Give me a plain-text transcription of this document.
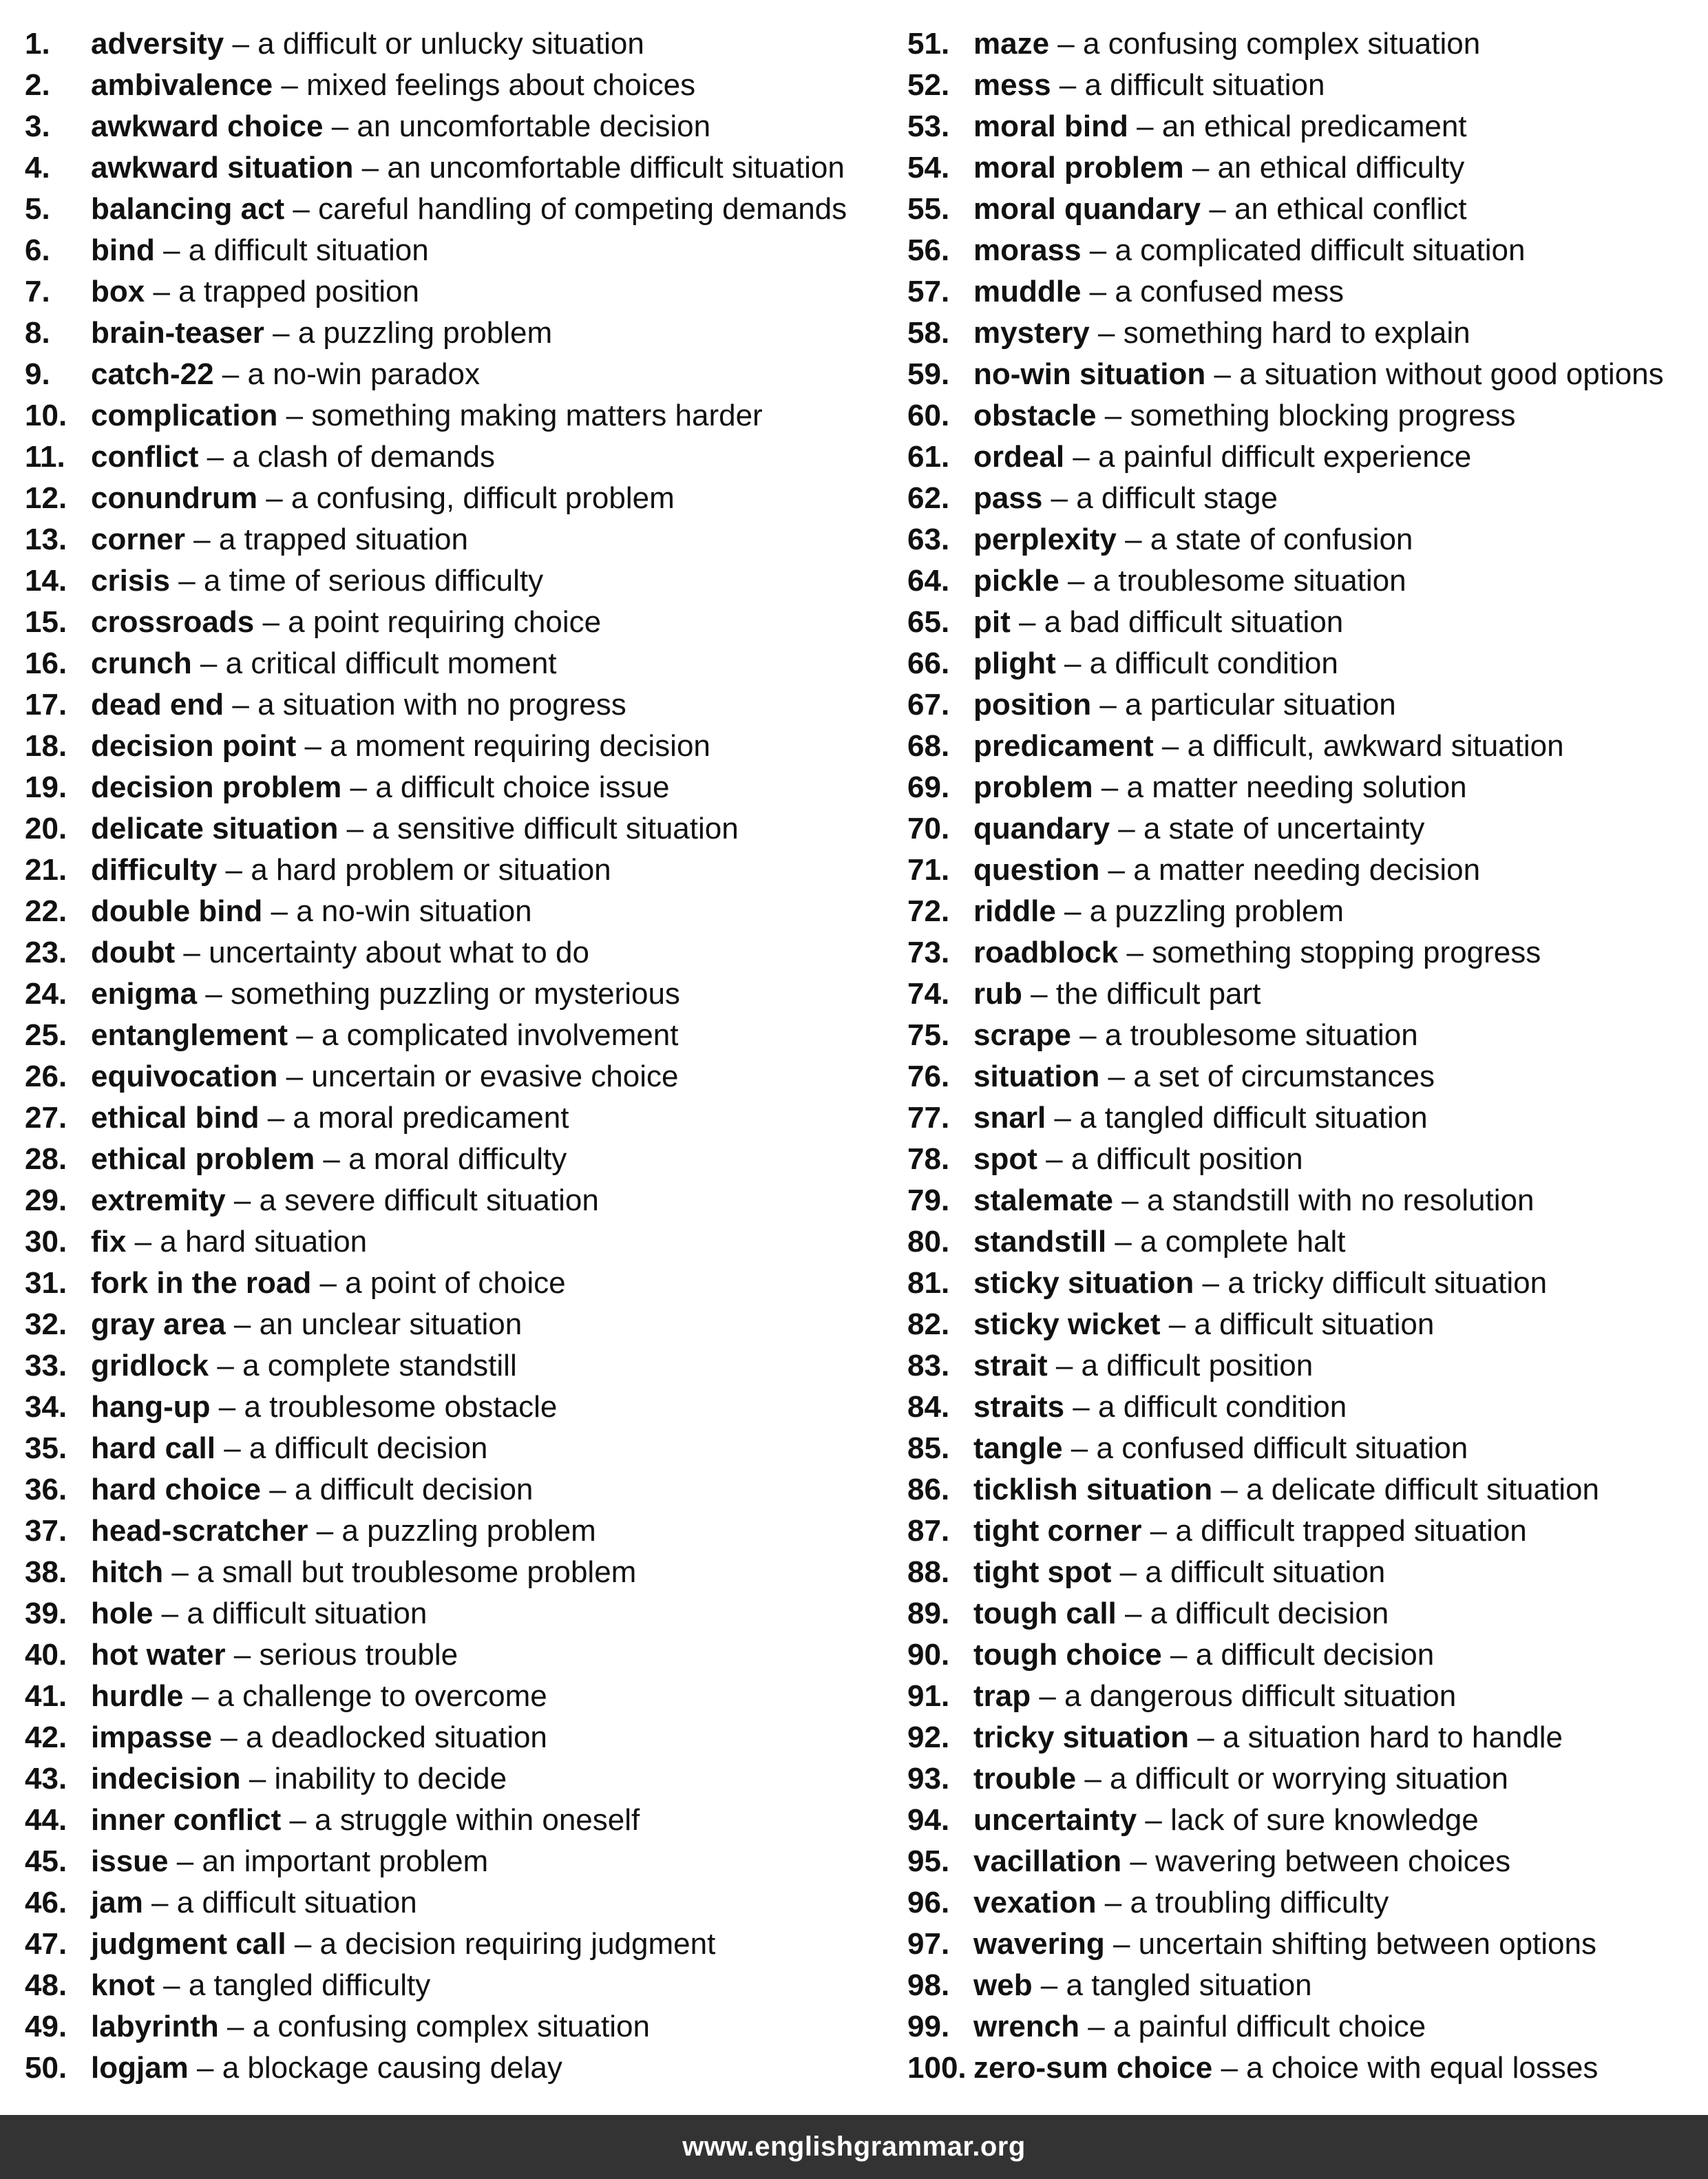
1.	adversity – a difficult or unlucky situation
2.	ambivalence – mixed feelings about choices
3.	awkward choice – an uncomfortable decision
4.	awkward situation – an uncomfortable difficult situation
5.	balancing act – careful handling of competing demands
6.	bind – a difficult situation
7.	box – a trapped position
8.	brain-teaser – a puzzling problem
9.	catch-22 – a no-win paradox
10. complication – something making matters harder
11. conflict – a clash of demands
12. conundrum – a confusing, difficult problem
13. corner – a trapped situation
14. crisis – a time of serious difficulty
15. crossroads – a point requiring choice
16. crunch – a critical difficult moment
17. dead end – a situation with no progress
18. decision point – a moment requiring decision
19. decision problem – a difficult choice issue
20. delicate situation – a sensitive difficult situation
21. difficulty – a hard problem or situation
22. double bind – a no-win situation
23. doubt – uncertainty about what to do
24. enigma – something puzzling or mysterious
25. entanglement – a complicated involvement
26. equivocation – uncertain or evasive choice
27. ethical bind – a moral predicament
28. ethical problem – a moral difficulty
29. extremity – a severe difficult situation
30. fix – a hard situation
31. fork in the road – a point of choice
32. gray area – an unclear situation
33. gridlock – a complete standstill
34. hang-up – a troublesome obstacle
35. hard call – a difficult decision
36. hard choice – a difficult decision
37. head-scratcher – a puzzling problem
38. hitch – a small but troublesome problem
39. hole – a difficult situation
40. hot water – serious trouble
41. hurdle – a challenge to overcome
42. impasse – a deadlocked situation
43. indecision – inability to decide
44. inner conflict – a struggle within oneself
45. issue – an important problem
46. jam – a difficult situation
47. judgment call – a decision requiring judgment
48. knot – a tangled difficulty
49. labyrinth – a confusing complex situation
50. logjam – a blockage causing delay
51. maze – a confusing complex situation
52. mess – a difficult situation
53. moral bind – an ethical predicament
54. moral problem – an ethical difficulty
55. moral quandary – an ethical conflict
56. morass – a complicated difficult situation
57. muddle – a confused mess
58. mystery – something hard to explain
59. no-win situation – a situation without good options
60. obstacle – something blocking progress
61. ordeal – a painful difficult experience
62. pass – a difficult stage
63. perplexity – a state of confusion
64. pickle – a troublesome situation
65. pit – a bad difficult situation
66. plight – a difficult condition
67. position – a particular situation
68. predicament – a difficult, awkward situation
69. problem – a matter needing solution
70. quandary – a state of uncertainty
71. question – a matter needing decision
72. riddle – a puzzling problem
73. roadblock – something stopping progress
74. rub – the difficult part
75. scrape – a troublesome situation
76. situation – a set of circumstances
77. snarl – a tangled difficult situation
78. spot – a difficult position
79. stalemate – a standstill with no resolution
80. standstill – a complete halt
81. sticky situation – a tricky difficult situation
82. sticky wicket – a difficult situation
83. strait – a difficult position
84. straits – a difficult condition
85. tangle – a confused difficult situation
86. ticklish situation – a delicate difficult situation
87. tight corner – a difficult trapped situation
88. tight spot – a difficult situation
89. tough call – a difficult decision
90. tough choice – a difficult decision
91. trap – a dangerous difficult situation
92. tricky situation – a situation hard to handle
93. trouble – a difficult or worrying situation
94. uncertainty – lack of sure knowledge
95. vacillation – wavering between choices
96. vexation – a troubling difficulty
97. wavering – uncertain shifting between options
98. web – a tangled situation
99. wrench – a painful difficult choice
100. zero-sum choice – a choice with equal losses
www.englishgrammar.org
